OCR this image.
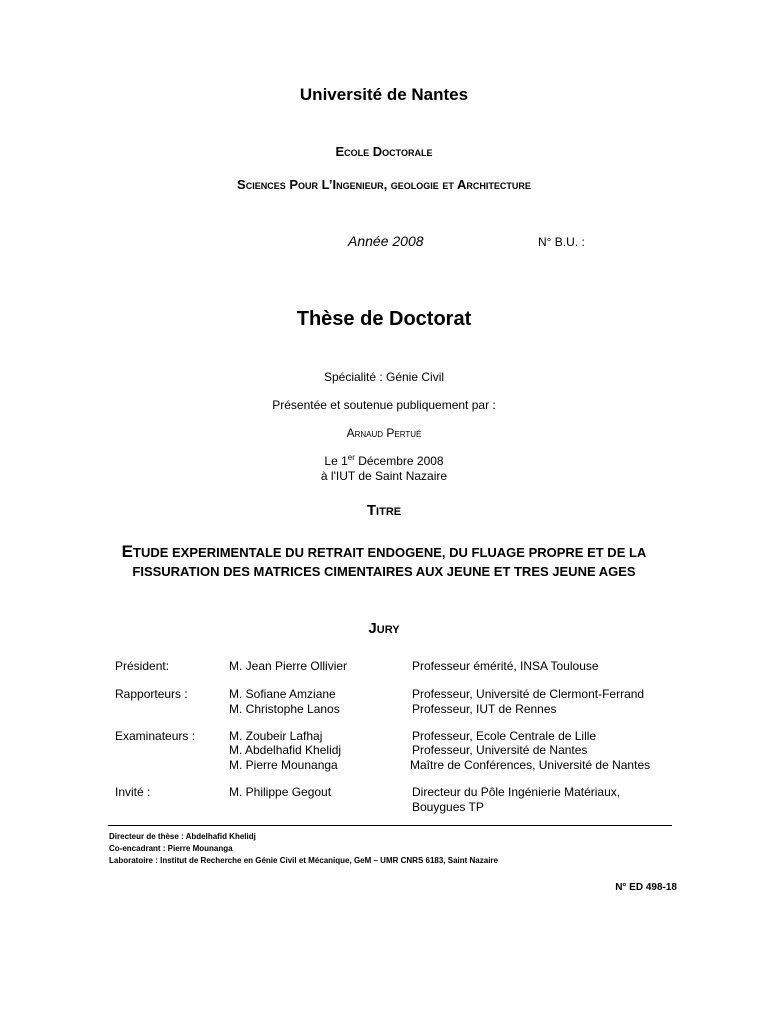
Université de Nantes
Ecole Doctorale
Sciences Pour L’Ingenieur, geologie et Architecture
Année 2008	N° B.U. :
Thèse de Doctorat
Spécialité : Génie Civil
Présentée et soutenue publiquement par :
Arnaud Pertué
Le 1er Décembre 2008
à l'IUT de Saint Nazaire
Titre
ETUDE EXPERIMENTALE DU RETRAIT ENDOGENE, DU FLUAGE PROPRE ET DE LA
FISSURATION DES MATRICES CIMENTAIRES AUX JEUNE ET TRES JEUNE AGES
Jury
Président:	M. Jean Pierre Ollivier	Professeur émérité, INSA Toulouse
Rapporteurs :	M. Sofiane Amziane	Professeur, Université de Clermont-Ferrand
M. Christophe Lanos	Professeur, IUT de Rennes
Examinateurs :	M. Zoubeir Lafhaj	Professeur, Ecole Centrale de Lille
M. Abdelhafid Khelidj	Professeur, Université de Nantes
M. Pierre Mounanga	Maître de Conférences, Université de Nantes
Invité :	M. Philippe Gegout	Directeur du Pôle Ingénierie Matériaux,
Bouygues TP
Directeur de thèse : Abdelhafid Khelidj
Co-encadrant : Pierre Mounanga
Laboratoire : Institut de Recherche en Génie Civil et Mécanique, GeM – UMR CNRS 6183, Saint Nazaire
N° ED 498-18
